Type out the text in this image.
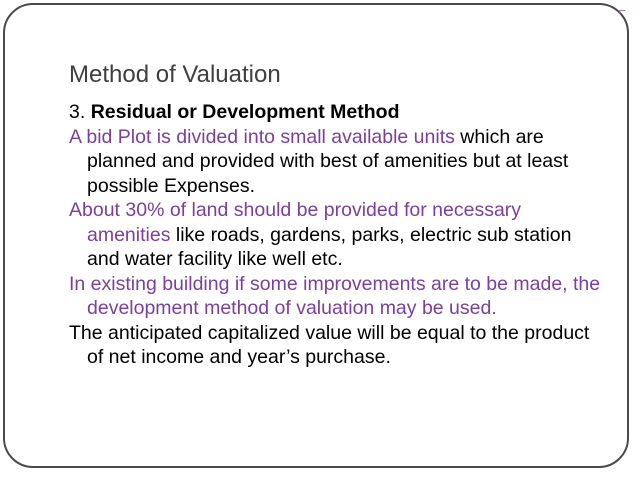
⌐
Method of Valuation

3. Residual or Development Method

A bid Plot is divided into small available units which are planned and provided with best of amenities but at least possible Expenses.

About 30% of land should be provided for necessary amenities like roads, gardens, parks, electric sub station and water facility like well etc.

In existing building if some improvements are to be made, the development method of valuation may be used.

The anticipated capitalized value will be equal to the product of net income and year’s purchase.
